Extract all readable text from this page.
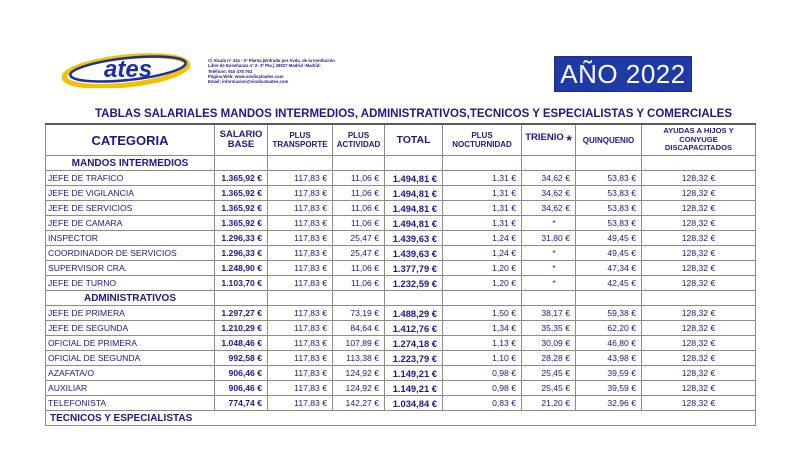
ates	C/ Alcalá nº 414 - 3ª Planta (Entrada por Avda. de la Institución
Libre de Enseñanza nº 2- 3º Pta.) 28027 Madrid -Madrid-
Teléfono: 915 478 763
Página Web: www.sindicatoates.com
Email: informacion@sindicatoates.com	AÑO 2022
TABLAS SALARIALES MANDOS INTERMEDIOS, ADMINISTRATIVOS,TECNICOS Y ESPECIALISTAS Y COMERCIALES
CATEGORIA	SALARIO BASE	PLUS TRANSPORTE	PLUS ACTIVIDAD	TOTAL	PLUS NOCTURNIDAD	TRIENIO *	QUINQUENIO	AYUDAS A HIJOS Y CONYUGE DISCAPACITADOS
MANDOS INTERMEDIOS								
JEFE DE TRAFICO	1.365,92 €	117,83 €	11,06 €	1.494,81 €	1,31 €	34,62 €	53,83 €	128,32 €
JEFE DE VIGILANCIA	1.365,92 €	117,83 €	11,06 €	1.494,81 €	1,31 €	34,62 €	53,83 €	128,32 €
JEFE DE SERVICIOS	1.365,92 €	117,83 €	11,06 €	1.494,81 €	1,31 €	34,62 €	53,83 €	128,32 €
JEFE DE CAMARA	1.365,92 €	117,83 €	11,06 €	1.494,81 €	1,31 €	*	53,83 €	128,32 €
INSPECTOR	1.296,33 €	117,83 €	25,47 €	1.439,63 €	1,24 €	31,80 €	49,45 €	128,32 €
COORDINADOR DE SERVICIOS	1.296,33 €	117,83 €	25,47 €	1.439,63 €	1,24 €	*	49,45 €	128,32 €
SUPERVISOR CRA.	1.248,90 €	117,83 €	11,06 €	1.377,79 €	1,20 €	*	47,34 €	128,32 €
JEFE DE TURNO	1.103,70 €	117,83 €	11,06 €	1.232,59 €	1,20 €	*	42,45 €	128,32 €
ADMINISTRATIVOS								
JEFE DE PRIMERA	1.297,27 €	117,83 €	73,19 €	1.488,29 €	1,50 €	38,17 €	59,38 €	128,32 €
JEFE DE SEGUNDA	1.210,29 €	117,83 €	84,64 €	1.412,76 €	1,34 €	35,35 €	62,20 €	128,32 €
OFICIAL DE PRIMERA	1.048,46 €	117,83 €	107,89 €	1.274,18 €	1,13 €	30,09 €	46,80 €	128,32 €
OFICIAL DE SEGUNDA	992,58 €	117,83 €	113,38 €	1.223,79 €	1,10 €	28,28 €	43,98 €	128,32 €
AZAFATA/O	906,46 €	117,83 €	124,92 €	1.149,21 €	0,98 €	25,45 €	39,59 €	128,32 €
AUXILIAR	906,46 €	117,83 €	124,92 €	1.149,21 €	0,98 €	25,45 €	39,59 €	128,32 €
TELEFONISTA	774,74 €	117,83 €	142,27 €	1.034,84 €	0,83 €	21,20 €	32,96 €	128,32 €
TECNICOS Y ESPECIALISTAS								
